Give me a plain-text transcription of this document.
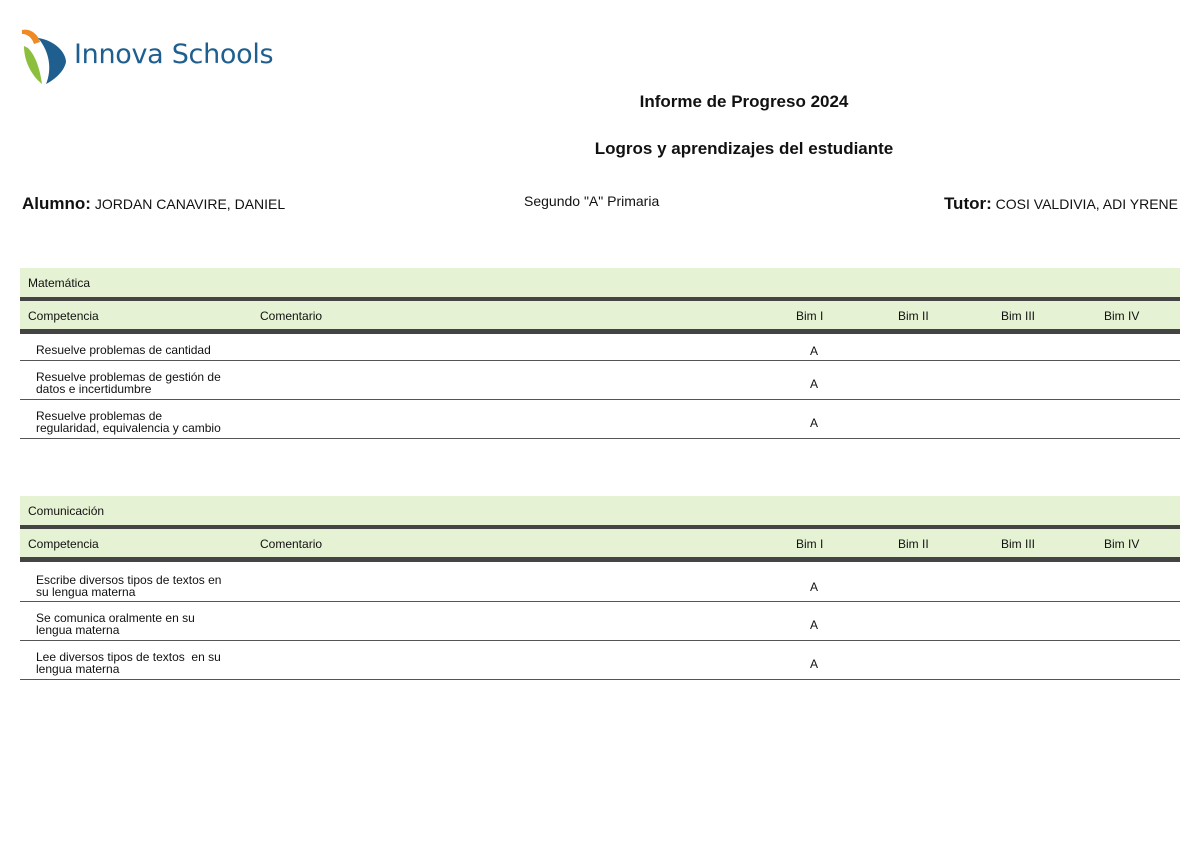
Innova Schools
Informe de Progreso 2024
Logros y aprendizajes del estudiante
Alumno: JORDAN CANAVIRE, DANIEL	Segundo "A" Primaria	Tutor: COSI VALDIVIA, ADI YRENE
Matemática
Competencia	Comentario	Bim I	Bim II	Bim III	Bim IV
Resuelve problemas de cantidad	A
Resuelve problemas de gestión de
datos e incertidumbre	A
Resuelve problemas de
regularidad, equivalencia y cambio	A
Comunicación
Competencia	Comentario	Bim I	Bim II	Bim III	Bim IV
Escribe diversos tipos de textos en
su lengua materna	A
Se comunica oralmente en su
lengua materna	A
Lee diversos tipos de textos  en su
lengua materna	A
